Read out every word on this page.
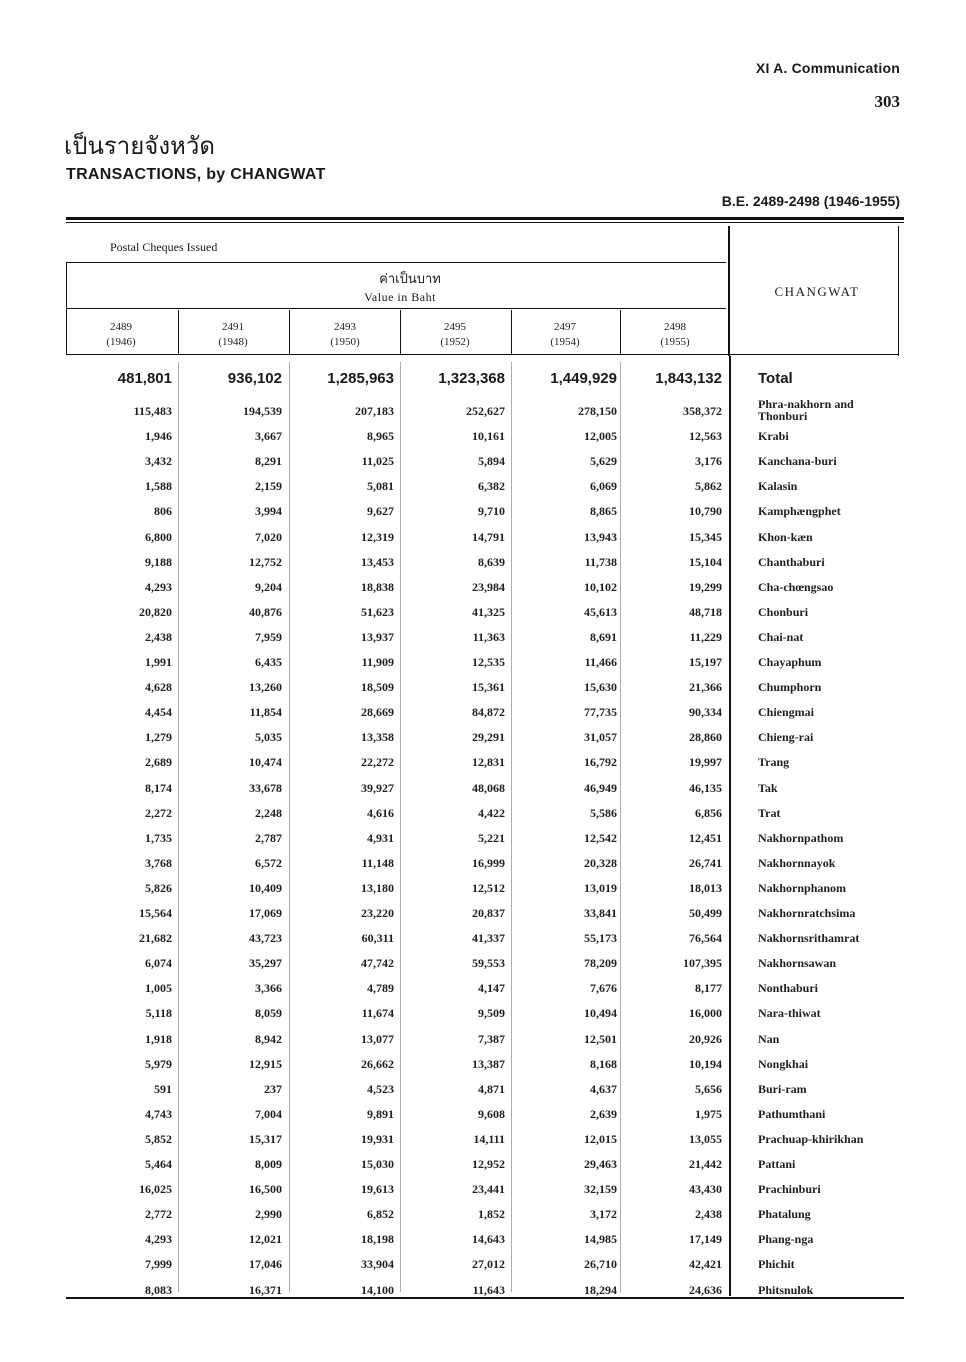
XI A. Communication
303
เป็นรายจังหวัด
TRANSACTIONS, by CHANGWAT
B.E. 2489-2498 (1946-1955)
Postal Cheques Issued
ค่าเป็นบาท
Value in Baht	CHANGWAT
2489
(1946)
2491
(1948)
2493
(1950)
2495
(1952)
2497
(1954)
2498
(1955)
481,801	936,102	1,285,963	1,323,368	1,449,929	1,843,132 Total
115,483	194,539	207,183	252,627	278,150	358,372	Phra-nakhorn and Thonburi
1,946	3,667	8,965	10,161	12,005	12,563	Krabi
3,432	8,291	11,025	5,894	5,629	3,176	Kanchana-buri
1,588	2,159	5,081	6,382	6,069	5,862	Kalasin
806	3,994	9,627	9,710	8,865	10,790	Kamphængphet
6,800	7,020	12,319	14,791	13,943	15,345	Khon-kæn
9,188	12,752	13,453	8,639	11,738	15,104	Chanthaburi
4,293	9,204	18,838	23,984	10,102	19,299	Cha-chœngsao
20,820	40,876	51,623	41,325	45,613	48,718	Chonburi
2,438	7,959	13,937	11,363	8,691	11,229	Chai-nat
1,991	6,435	11,909	12,535	11,466	15,197	Chayaphum
4,628	13,260	18,509	15,361	15,630	21,366	Chumphorn
4,454	11,854	28,669	84,872	77,735	90,334	Chiengmai
1,279	5,035	13,358	29,291	31,057	28,860	Chieng-rai
2,689	10,474	22,272	12,831	16,792	19,997	Trang
8,174	33,678	39,927	48,068	46,949	46,135	Tak
2,272	2,248	4,616	4,422	5,586	6,856	Trat
1,735	2,787	4,931	5,221	12,542	12,451	Nakhornpathom
3,768	6,572	11,148	16,999	20,328	26,741	Nakhornnayok
5,826	10,409	13,180	12,512	13,019	18,013	Nakhornphanom
15,564	17,069	23,220	20,837	33,841	50,499	Nakhornratchsima
21,682	43,723	60,311	41,337	55,173	76,564	Nakhornsrithamrat
6,074	35,297	47,742	59,553	78,209	107,395	Nakhornsawan
1,005	3,366	4,789	4,147	7,676	8,177	Nonthaburi
5,118	8,059	11,674	9,509	10,494	16,000	Nara-thiwat
1,918	8,942	13,077	7,387	12,501	20,926	Nan
5,979	12,915	26,662	13,387	8,168	10,194	Nongkhai
591	237	4,523	4,871	4,637	5,656	Buri-ram
4,743	7,004	9,891	9,608	2,639	1,975	Pathumthani
5,852	15,317	19,931	14,111	12,015	13,055	Prachuap-khirikhan
5,464	8,009	15,030	12,952	29,463	21,442	Pattani
16,025	16,500	19,613	23,441	32,159	43,430	Prachinburi
2,772	2,990	6,852	1,852	3,172	2,438	Phatalung
4,293	12,021	18,198	14,643	14,985	17,149	Phang-nga
7,999	17,046	33,904	27,012	26,710	42,421	Phichit
8,083	16,371	14,100	11,643	18,294	24,636	Phitsnulok
